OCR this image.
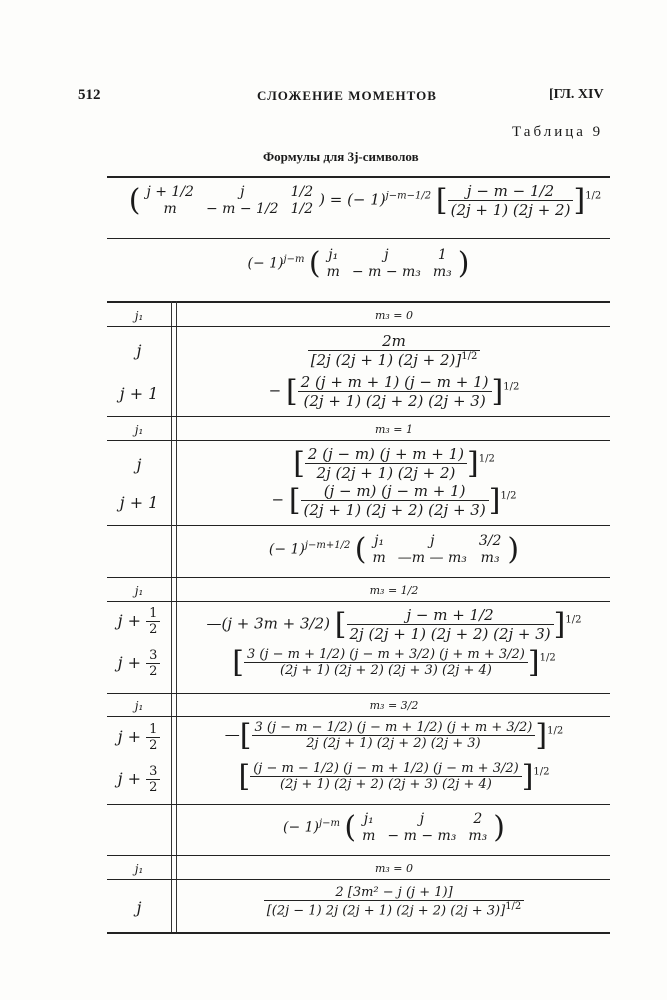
512	СЛОЖЕНИЕ МОМЕНТОВ	[ГЛ. XIV
Таблица 9
Формулы для 3j-символов
( j + 1/2	j	1/2
m	− m − 1/2	1/2 ) = (− 1)$^{j-m-1/2}$ [ $\frac{j - m - 1/2}{(2j + 1) (2j + 2)} ]^{1/2}$
(− 1)$^{j-m}$ ( j₁	j	1
m	− m − m₃	m₃ )
j₁	m₃ = 0
j	$\frac{2m}{[2j (2j + 1) (2j + 2)]^{1/2}}$
j + 1	− [ $\frac{2 (j + m + 1) (j - m + 1)}{(2j + 1) (2j + 2) (2j + 3)} ]^{1/2}$
j₁	m₃ = 1
j	[ $\frac{2 (j - m) (j + m + 1)}{2j (2j + 1) (2j + 2)} ]^{1/2}$
j + 1	− [ $\frac{(j - m) (j - m + 1)}{(2j + 1) (2j + 2) (2j + 3)} ]^{1/2}$
(− 1)$^{j-m+1/2}$ ( j₁	j	3/2
m	—m — m₃	m₃ )
j₁	m₃ = 1/2
$j + \frac{1}{2}$	—(j + 3m + 3/2) [ $\frac{j - m + 1/2}{2j (2j + 1) (2j + 2) (2j + 3)} ]^{1/2}$
$j + \frac{3}{2}$	[ $\frac{3 (j - m + 1/2) (j - m + 3/2) (j + m + 3/2)}{(2j + 1) (2j + 2) (2j + 3) (2j + 4)} ]^{1/2}$
j₁	m₃ = 3/2
$j + \frac{1}{2}$	—[ $\frac{3 (j - m - 1/2) (j - m + 1/2) (j + m + 3/2)}{2j (2j + 1) (2j + 2) (2j + 3)} ]^{1/2}$
$j + \frac{3}{2}$	[ $\frac{(j - m - 1/2) (j - m + 1/2) (j - m + 3/2)}{(2j + 1) (2j + 2) (2j + 3) (2j + 4)} ]^{1/2}$
(− 1)$^{j-m}$ ( j₁	j	2
m	− m − m₃	m₃ )
j₁	m₃ = 0
j	$\frac{\text{2 [3m² − j (j + 1)]}}{[(2j - 1) 2j (2j + 1) (2j + 2) (2j + 3)]^{1/2}}$
